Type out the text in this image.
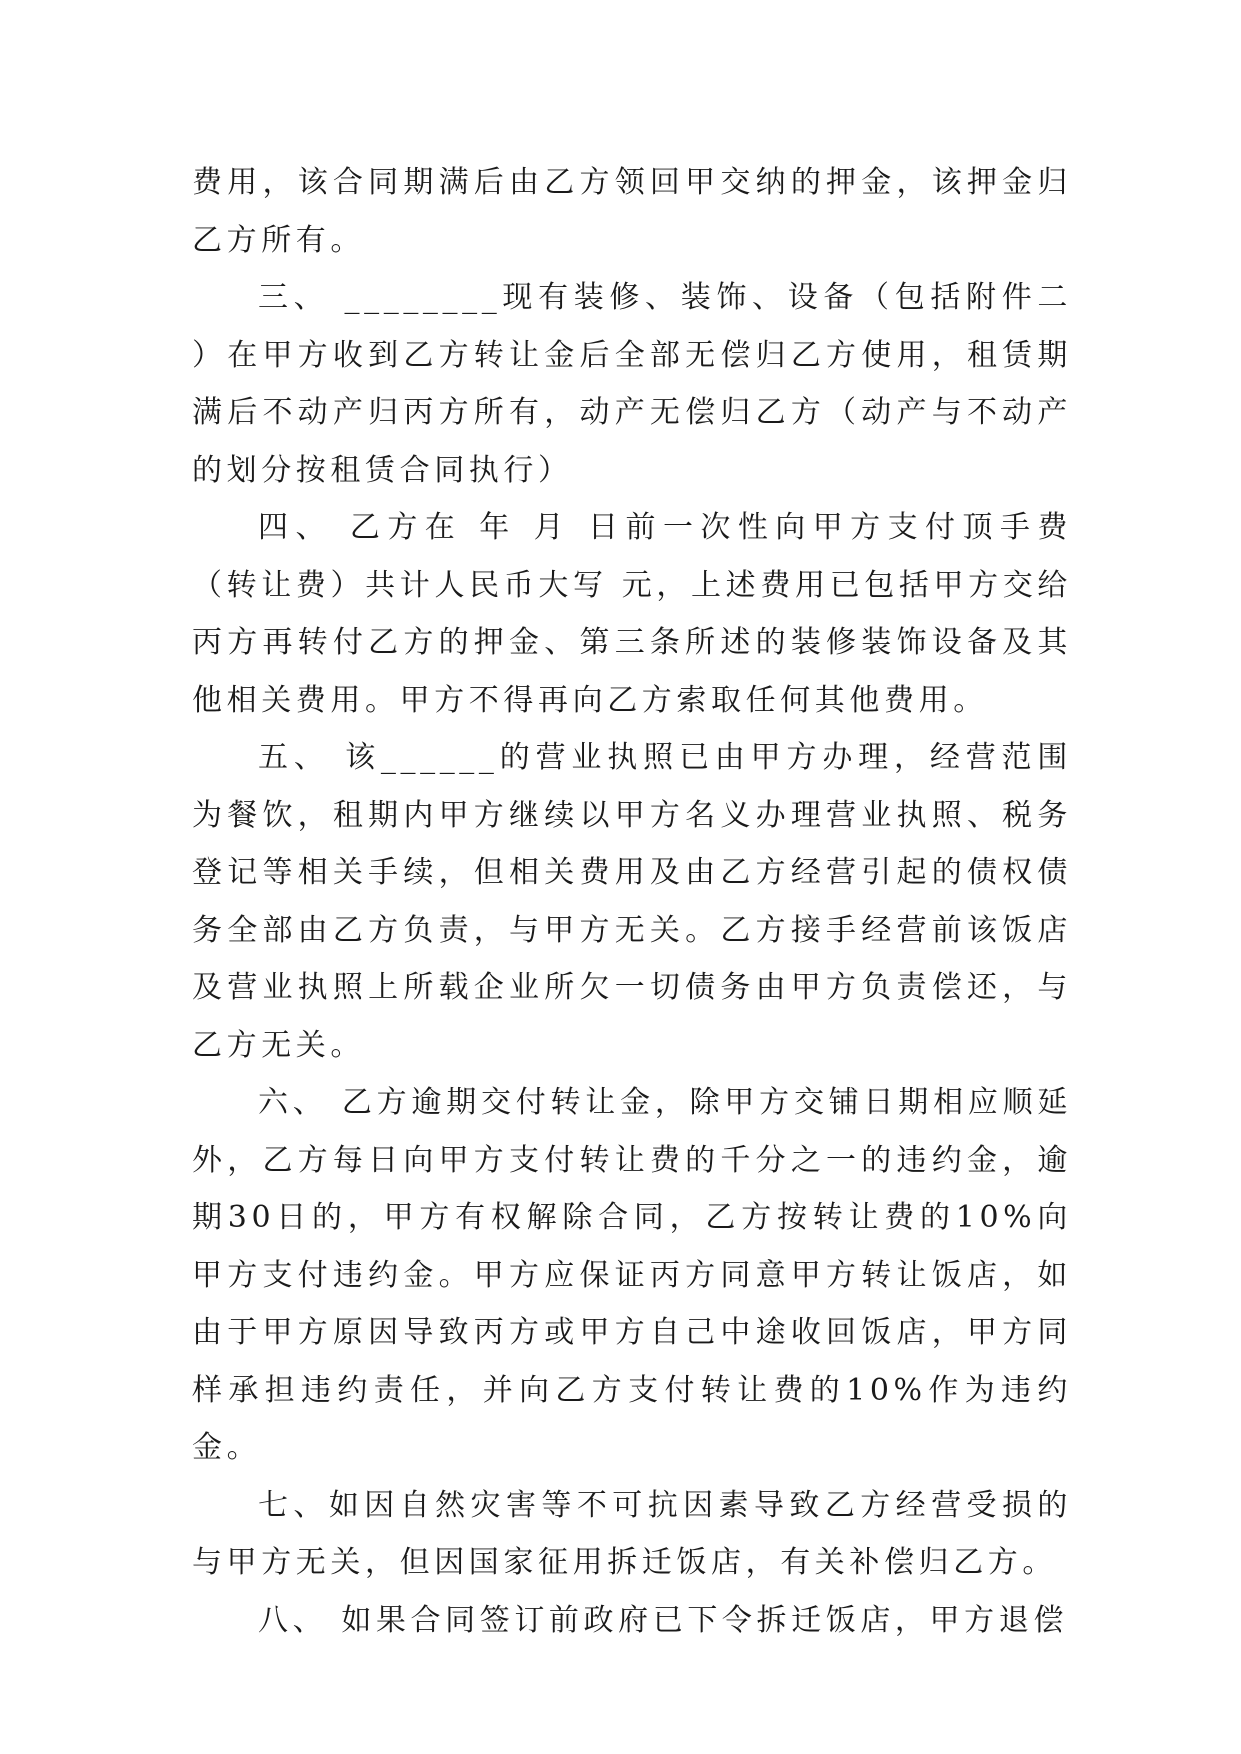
费用，该合同期满后由乙方领回甲交纳的押金，该押金归乙方所有。

三、 ________现有装修、装饰、设备（包括附件二 ）在甲方收到乙方转让金后全部无偿归乙方使用，租赁期满后不动产归丙方所有，动产无偿归乙方（动产与不动产的划分按租赁合同执行）

四、 乙方在 年 月 日前一次性向甲方支付顶手费（转让费）共计人民币大写 元，上述费用已包括甲方交给丙方再转付乙方的押金、第三条所述的装修装饰设备及其他相关费用。甲方不得再向乙方索取任何其他费用。

五、 该______的营业执照已由甲方办理，经营范围为餐饮，租期内甲方继续以甲方名义办理营业执照、税务登记等相关手续，但相关费用及由乙方经营引起的债权债务全部由乙方负责，与甲方无关。乙方接手经营前该饭店及营业执照上所载企业所欠一切债务由甲方负责偿还，与乙方无关。

六、 乙方逾期交付转让金，除甲方交铺日期相应顺延外，乙方每日向甲方支付转让费的千分之一的违约金，逾期30日的，甲方有权解除合同，乙方按转让费的10%向甲方支付违约金。甲方应保证丙方同意甲方转让饭店，如由于甲方原因导致丙方或甲方自己中途收回饭店，甲方同样承担违约责任，并向乙方支付转让费的10%作为违约金。

七、如因自然灾害等不可抗因素导致乙方经营受损的与甲方无关，但因国家征用拆迁饭店，有关补偿归乙方。

八、 如果合同签订前政府已下令拆迁饭店，甲方退偿
